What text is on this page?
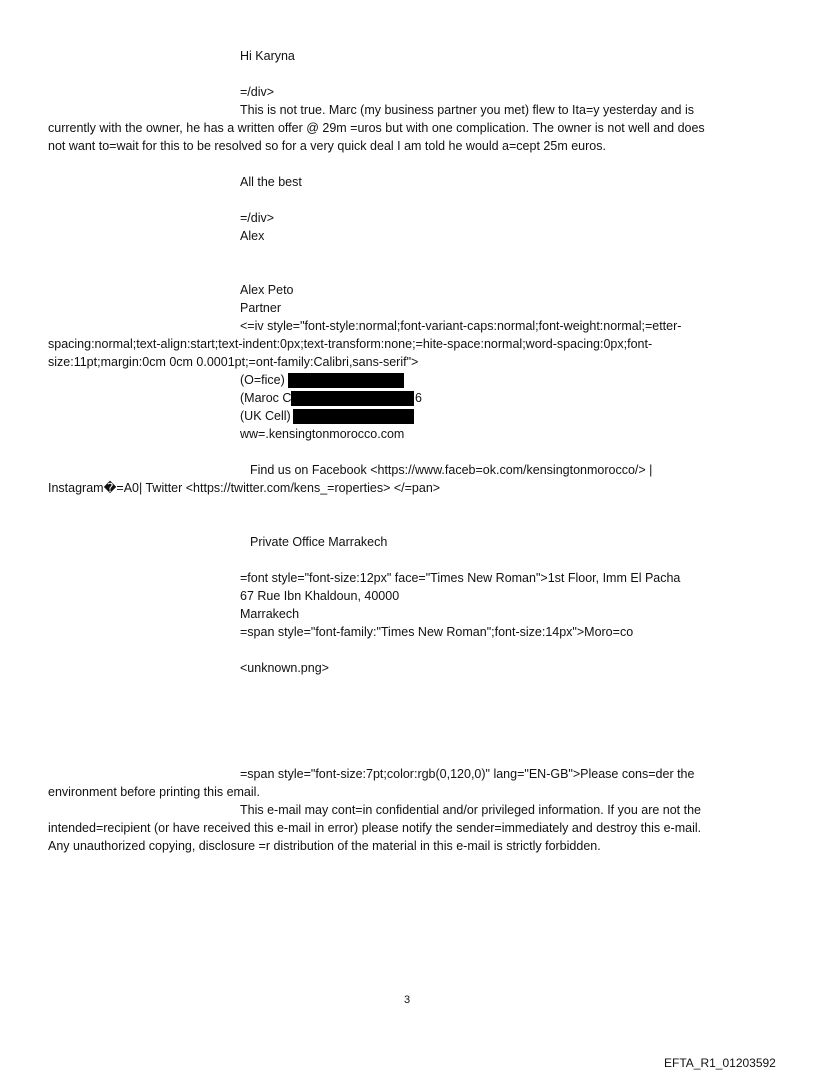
Hi Karyna
=/div>
This is not true. Marc (my business partner you met) flew to Ita=y yesterday and is
currently with the owner, he has a written offer @ 29m =uros but with one complication. The owner is not well and does
not want to=wait for this to be resolved so for a very quick deal I am told he would a=cept 25m euros.
All the best
=/div>
Alex
Alex Peto
Partner
<=iv style="font-style:normal;font-variant-caps:normal;font-weight:normal;=etter-
spacing:normal;text-align:start;text-indent:0px;text-transform:none;=hite-space:normal;word-spacing:0px;font-
size:11pt;margin:0cm 0cm 0.0001pt;=ont-family:Calibri,sans-serif">
(O=fice)
(Maroc C	6
(UK Cell)
ww=.kensingtonmorocco.com
Find us on Facebook <https://www.faceb=ok.com/kensingtonmorocco/> |
Instagram�=A0| Twitter <https://twitter.com/kens_=roperties> </=pan>
Private Office Marrakech
=font style="font-size:12px" face="Times New Roman">1st Floor, Imm El Pacha
67 Rue Ibn Khaldoun, 40000
Marrakech
=span style="font-family:"Times New Roman";font-size:14px">Moro=co
<unknown.png>
=span style="font-size:7pt;color:rgb(0,120,0)" lang="EN-GB">Please cons=der the
environment before printing this email.
This e-mail may cont=in confidential and/or privileged information. If you are not the
intended=recipient (or have received this e-mail in error) please notify the sender=immediately and destroy this e-mail.
Any unauthorized copying, disclosure =r distribution of the material in this e-mail is strictly forbidden.
3
EFTA_R1_01203592
